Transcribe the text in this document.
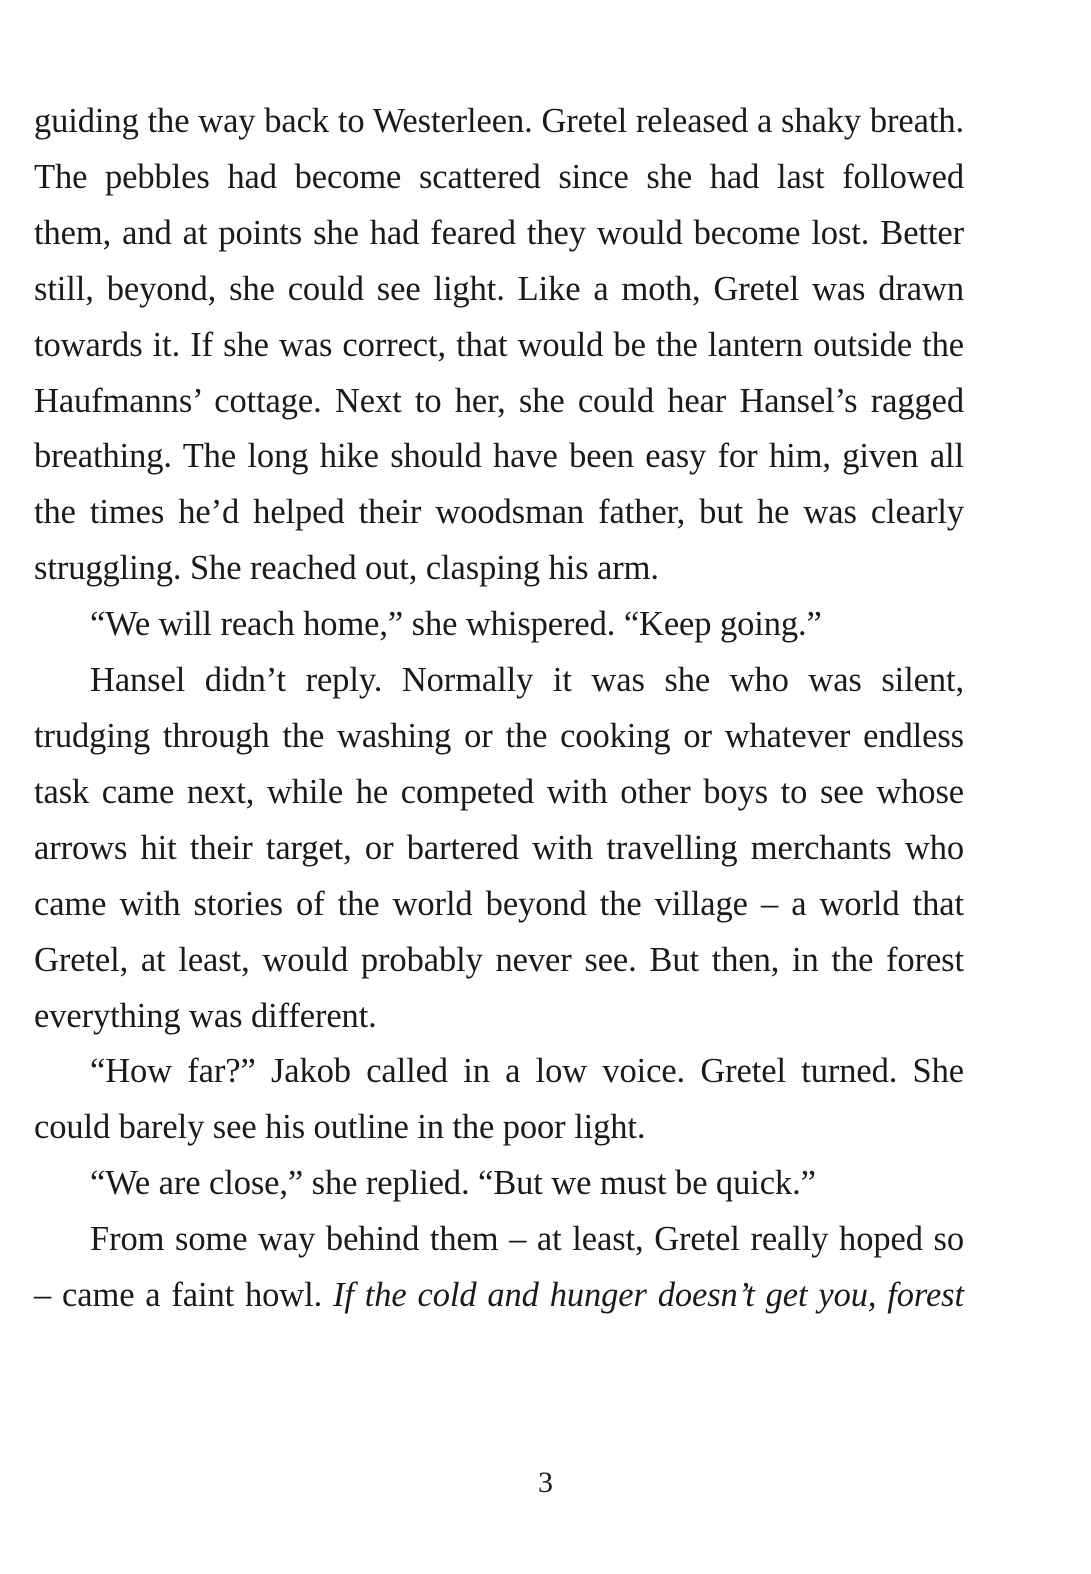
guiding the way back to Westerleen. Gretel released a shaky breath. The pebbles had become scattered since she had last followed them, and at points she had feared they would become lost. Better still, beyond, she could see light. Like a moth, Gretel was drawn towards it. If she was correct, that would be the lantern outside the Haufmanns’ cottage. Next to her, she could hear Hansel’s ragged breathing. The long hike should have been easy for him, given all the times he’d helped their woodsman father, but he was clearly struggling. She reached out, clasping his arm.

“We will reach home,” she whispered. “Keep going.”

Hansel didn’t reply. Normally it was she who was silent, trudging through the washing or the cooking or whatever endless task came next, while he competed with other boys to see whose arrows hit their target, or bartered with travelling merchants who came with stories of the world beyond the village – a world that Gretel, at least, would probably never see. But then, in the forest everything was different.

“How far?” Jakob called in a low voice. Gretel turned. She could barely see his outline in the poor light.

“We are close,” she replied. “But we must be quick.”

From some way behind them – at least, Gretel really hoped so – came a faint howl. If the cold and hunger doesn’t get you, forest

3
